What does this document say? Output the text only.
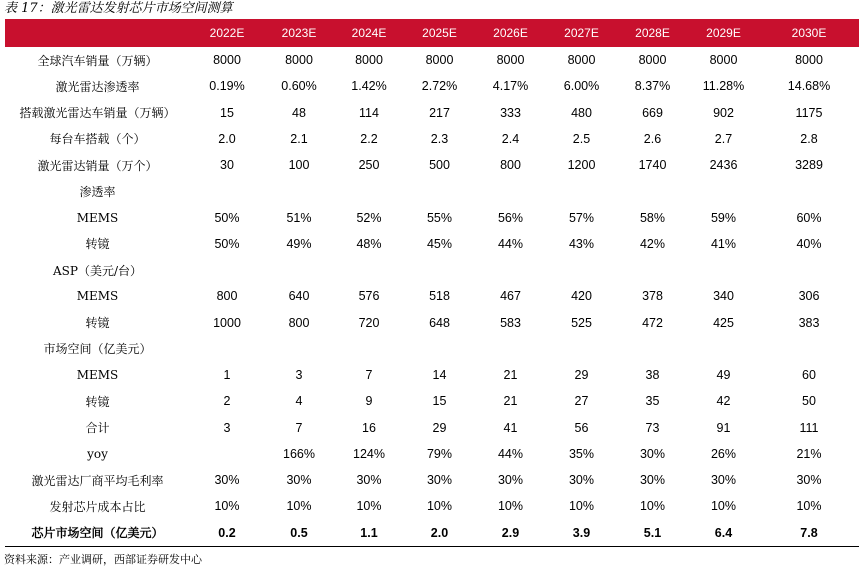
表 17：激光雷达发射芯片市场空间测算
	2022E	2023E	2024E	2025E	2026E	2027E	2028E	2029E	2030E
全球汽车销量（万辆）	8000	8000	8000	8000	8000	8000	8000	8000	8000
激光雷达渗透率	0.19%	0.60%	1.42%	2.72%	4.17%	6.00%	8.37%	11.28%	14.68%
搭载激光雷达车销量（万辆）	15	48	114	217	333	480	669	902	1175
每台车搭载（个）	2.0	2.1	2.2	2.3	2.4	2.5	2.6	2.7	2.8
激光雷达销量（万个）	30	100	250	500	800	1200	1740	2436	3289
渗透率									
MEMS	50%	51%	52%	55%	56%	57%	58%	59%	60%
转镜	50%	49%	48%	45%	44%	43%	42%	41%	40%
ASP（美元/台）									
MEMS	800	640	576	518	467	420	378	340	306
转镜	1000	800	720	648	583	525	472	425	383
市场空间（亿美元）									
MEMS	1	3	7	14	21	29	38	49	60
转镜	2	4	9	15	21	27	35	42	50
合计	3	7	16	29	41	56	73	91	111
yoy		166%	124%	79%	44%	35%	30%	26%	21%
激光雷达厂商平均毛利率	30%	30%	30%	30%	30%	30%	30%	30%	30%
发射芯片成本占比	10%	10%	10%	10%	10%	10%	10%	10%	10%
芯片市场空间（亿美元）	0.2	0.5	1.1	2.0	2.9	3.9	5.1	6.4	7.8
资料来源：产业调研，西部证券研发中心
